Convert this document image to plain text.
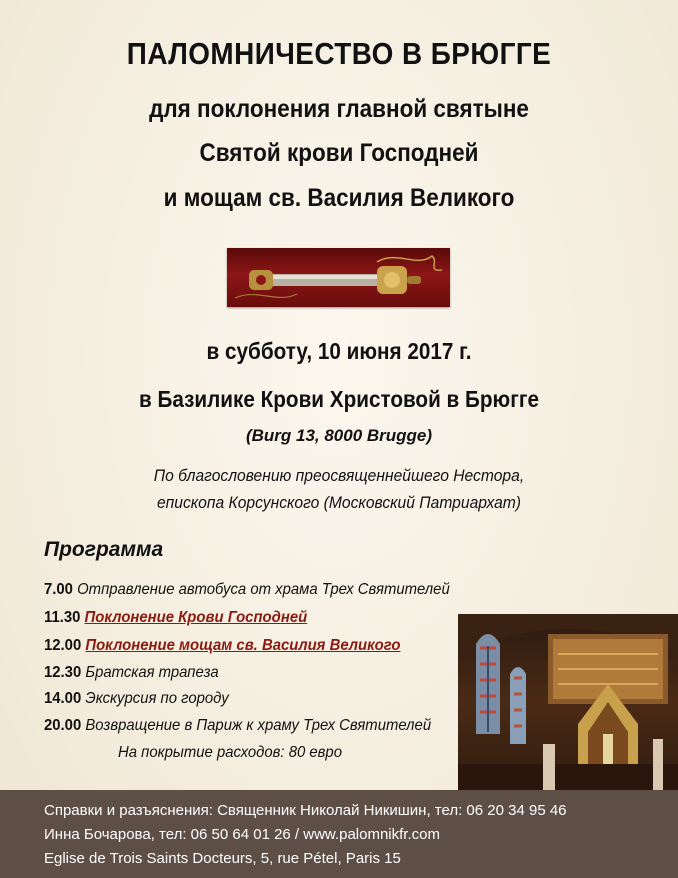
ПАЛОМНИЧЕСТВО В БРЮГГЕ
для поклонения главной святыне
Святой крови Господней
и мощам св. Василия Великого
в субботу, 10 июня 2017 г.
в Базилике Крови Христовой в Брюгге
(Burg 13, 8000 Brugge)
По благословению преосвященнейшего Нестора,
епископа Корсунского (Московский Патриархат)
Программа
7.00 Отправление автобуса от храма Трех Святителей
11.30 Поклонение Крови Господней
12.00 Поклонение мощам св. Василия Великого
12.30 Братская трапеза
14.00 Экскурсия по городу
20.00 Возвращение в Париж к храму Трех Святителей
На покрытие расходов: 80 евро
Справки и разъяснения: Священник Николай Никишин, тел: 06 20 34 95 46
Инна Бочарова, тел: 06 50 64 01 26 / www.palomnikfr.com
Eglise de Trois Saints Docteurs, 5, rue Pétel, Paris 15
